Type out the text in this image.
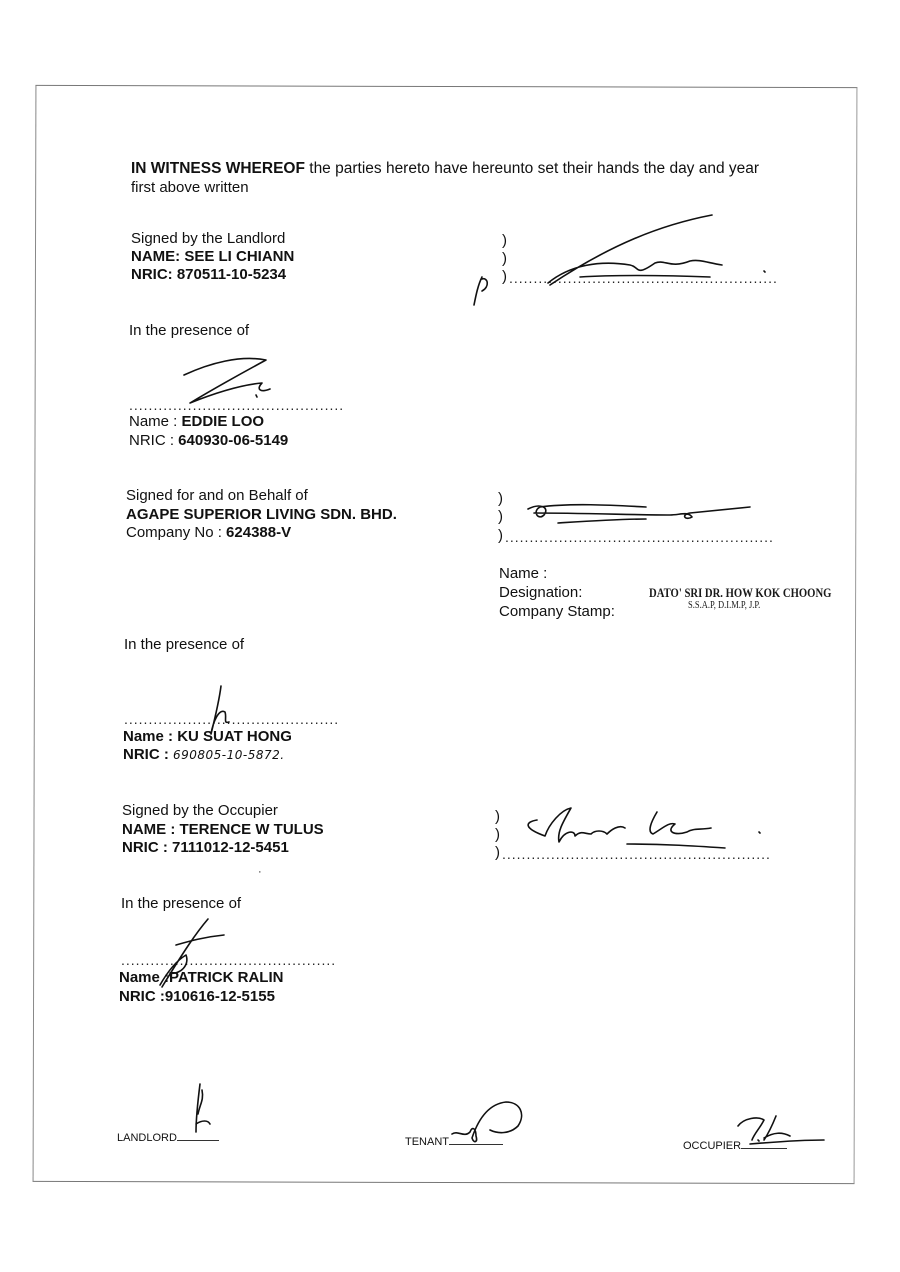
IN WITNESS WHEREOF the parties hereto have hereunto set their hands the day and year
first above written
Signed by the Landlord
NAME: SEE LI CHIANN
NRIC: 870511-10-5234
)
)
) .......................................................
In the presence of
............................................
Name : EDDIE LOO
NRIC : 640930-06-5149
Signed for and on Behalf of
AGAPE SUPERIOR LIVING SDN. BHD.
Company No : 624388-V
)
)
) .......................................................
Name :
Designation:
Company Stamp:
DATO' SRI DR. HOW KOK CHOONG
S.S.A.P, D.I.M.P, J.P.
In the presence of
............................................
Name : KU SUAT HONG
NRIC : 690805-10-5872.
Signed by the Occupier
NAME : TERENCE W TULUS
NRIC : 7111012-12-5451
)
)
) .......................................................
·
In the presence of
............................................
Name :PATRICK RALIN
NRIC :910616-12-5155
LANDLORD	TENANT	OCCUPIER
